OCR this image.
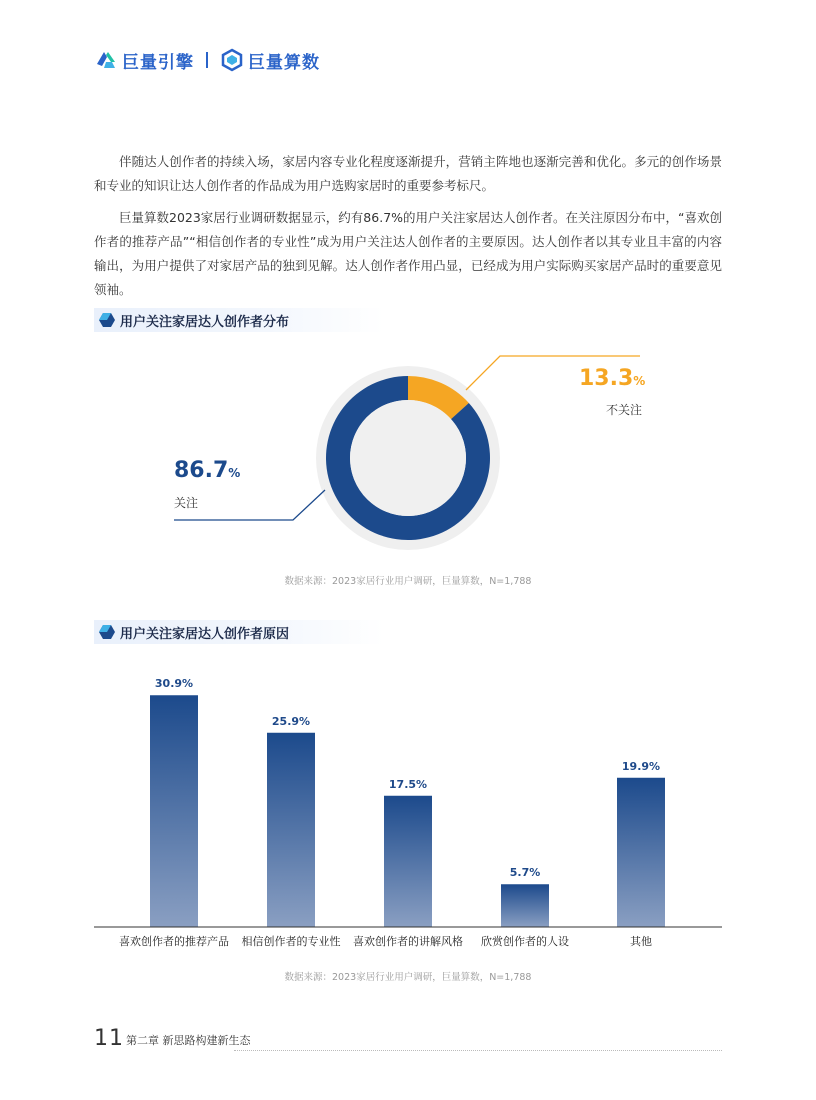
巨量引擎	巨量算数

伴随达人创作者的持续入场，家居内容专业化程度逐渐提升，营销主阵地也逐渐完善和优化。多元的创作场景和专业的知识让达人创作者的作品成为用户选购家居时的重要参考标尺。

巨量算数2023家居行业调研数据显示，约有86.7%的用户关注家居达人创作者。在关注原因分布中，“喜欢创作者的推荐产品”“相信创作者的专业性”成为用户关注达人创作者的主要原因。达人创作者以其专业且丰富的内容输出，为用户提供了对家居产品的独到见解。达人创作者作用凸显，已经成为用户实际购买家居产品时的重要意见领袖。

用户关注家居达人创作者分布
86.7%
关注
13.3%
不关注
数据来源：2023家居行业用户调研，巨量算数，N=1,788
用户关注家居达人创作者原因
30.9%
喜欢创作者的推荐产品
25.9%
相信创作者的专业性
17.5%
喜欢创作者的讲解风格
5.7%
欣赏创作者的人设
19.9%
其他
数据来源：2023家居行业用户调研，巨量算数，N=1,788
11 第二章 新思路构建新生态
